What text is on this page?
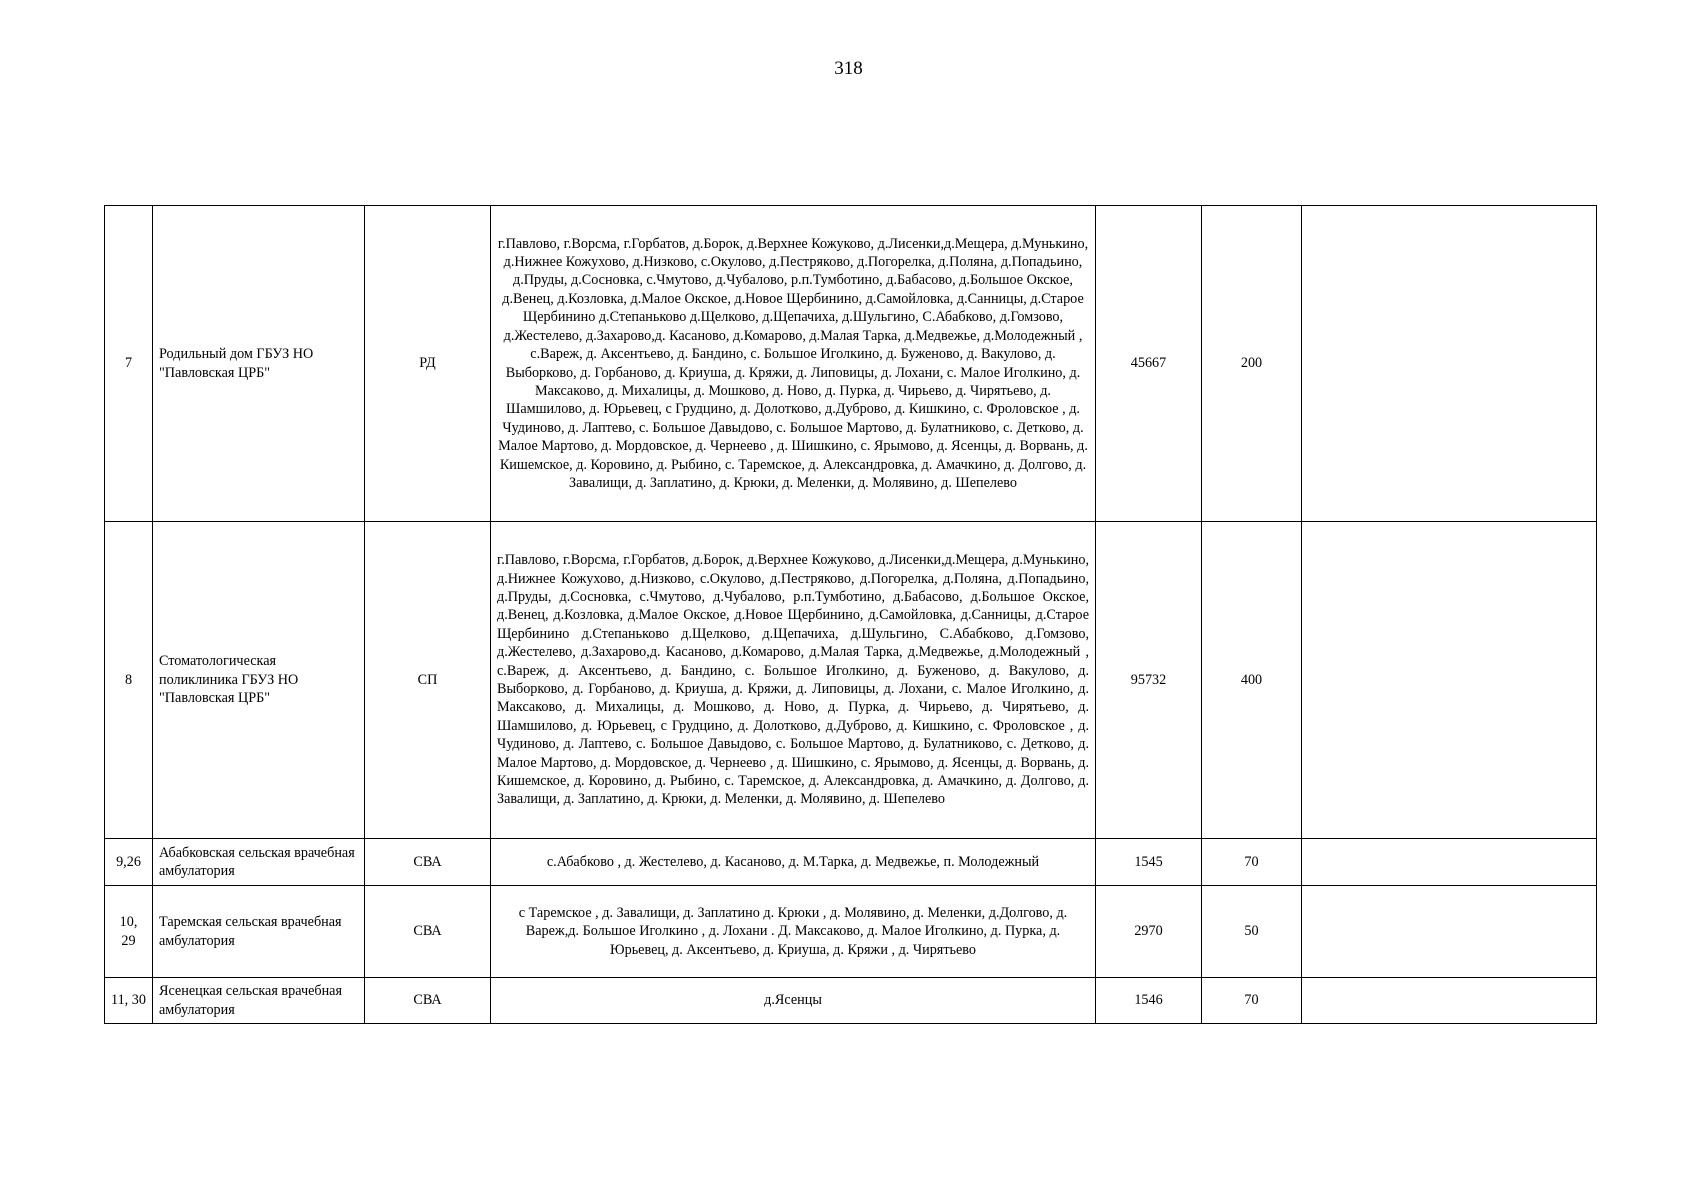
318
7	Родильный дом ГБУЗ НО "Павловская ЦРБ"	РД	г.Павлово, г.Ворсма, г.Горбатов, д.Борок, д.Верхнее Кожуково, д.Лисенки,д.Мещера, д.Мунькино, д.Нижнее Кожухово, д.Низково, с.Окулово, д.Пестряково, д.Погорелка, д.Поляна, д.Попадьино, д.Пруды, д.Сосновка, с.Чмутово, д.Чубалово, р.п.Тумботино, д.Бабасово, д.Большое Окское, д.Венец, д.Козловка, д.Малое Окское, д.Новое Щербинино, д.Самойловка, д.Санницы, д.Старое Щербинино д.Степаньково д.Щелково, д.Щепачиха, д.Шульгино, С.Абабково, д.Гомзово, д.Жестелево, д.Захарово,д. Касаново, д.Комарово, д.Малая Тарка, д.Медвежье, д.Молодежный , с.Вареж, д. Аксентьево, д. Бандино, с. Большое Иголкино, д. Буженово, д. Вакулово, д. Выборково, д. Горбаново, д. Криуша, д. Кряжи, д. Липовицы, д. Лохани, с. Малое Иголкино, д. Максаково, д. Михалицы, д. Мошково, д. Ново, д. Пурка, д. Чирьево, д. Чирятьево, д. Шамшилово, д. Юрьевец, с Грудцино, д. Долотково, д.Дуброво, д. Кишкино, с. Фроловское , д. Чудиново, д. Лаптево, с. Большое Давыдово, с. Большое Мартово, д. Булатниково, с. Детково, д. Малое Мартово, д. Мордовское, д. Чернеево , д. Шишкино, с. Ярымово, д. Ясенцы, д. Ворвань, д. Кишемское, д. Коровино, д. Рыбино, с. Таремское, д. Александровка, д. Амачкино, д. Долгово, д. Завалищи, д. Заплатино, д. Крюки, д. Меленки, д. Молявино, д. Шепелево	45667	200	
8	Стоматологическая поликлиника ГБУЗ НО "Павловская ЦРБ"	СП	г.Павлово, г.Ворсма, г.Горбатов, д.Борок, д.Верхнее Кожуково, д.Лисенки,д.Мещера, д.Мунькино, д.Нижнее Кожухово, д.Низково, с.Окулово, д.Пестряково, д.Погорелка, д.Поляна, д.Попадьино, д.Пруды, д.Сосновка, с.Чмутово, д.Чубалово, р.п.Тумботино, д.Бабасово, д.Большое Окское, д.Венец, д.Козловка, д.Малое Окское, д.Новое Щербинино, д.Самойловка, д.Санницы, д.Старое Щербинино д.Степаньково д.Щелково, д.Щепачиха, д.Шульгино, С.Абабково, д.Гомзово, д.Жестелево, д.Захарово,д. Касаново, д.Комарово, д.Малая Тарка, д.Медвежье, д.Молодежный , с.Вареж, д. Аксентьево, д. Бандино, с. Большое Иголкино, д. Буженово, д. Вакулово, д. Выборково, д. Горбаново, д. Криуша, д. Кряжи, д. Липовицы, д. Лохани, с. Малое Иголкино, д. Максаково, д. Михалицы, д. Мошково, д. Ново, д. Пурка, д. Чирьево, д. Чирятьево, д. Шамшилово, д. Юрьевец, с Грудцино, д. Долотково, д.Дуброво, д. Кишкино, с. Фроловское , д. Чудиново, д. Лаптево, с. Большое Давыдово, с. Большое Мартово, д. Булатниково, с. Детково, д. Малое Мартово, д. Мордовское, д. Чернеево , д. Шишкино, с. Ярымово, д. Ясенцы, д. Ворвань, д. Кишемское, д. Коровино, д. Рыбино, с. Таремское, д. Александровка, д. Амачкино, д. Долгово, д. Завалищи, д. Заплатино, д. Крюки, д. Меленки, д. Молявино, д. Шепелево	95732	400	
9,26	Абабковская сельская врачебная амбулатория	СВА	с.Абабково , д. Жестелево, д. Касаново, д. М.Тарка, д. Медвежье, п. Молодежный	1545	70	
10, 29	Таремская сельская врачебная амбулатория	СВА	с Таремское , д. Завалищи, д. Заплатино д. Крюки , д. Молявино, д. Меленки, д.Долгово, д. Вареж,д. Большое Иголкино , д. Лохани . Д. Максаково, д. Малое Иголкино, д. Пурка, д. Юрьевец, д. Аксентьево, д. Криуша, д. Кряжи , д. Чирятьево	2970	50	
11, 30	Ясенецкая сельская врачебная амбулатория	СВА	д.Ясенцы	1546	70	
